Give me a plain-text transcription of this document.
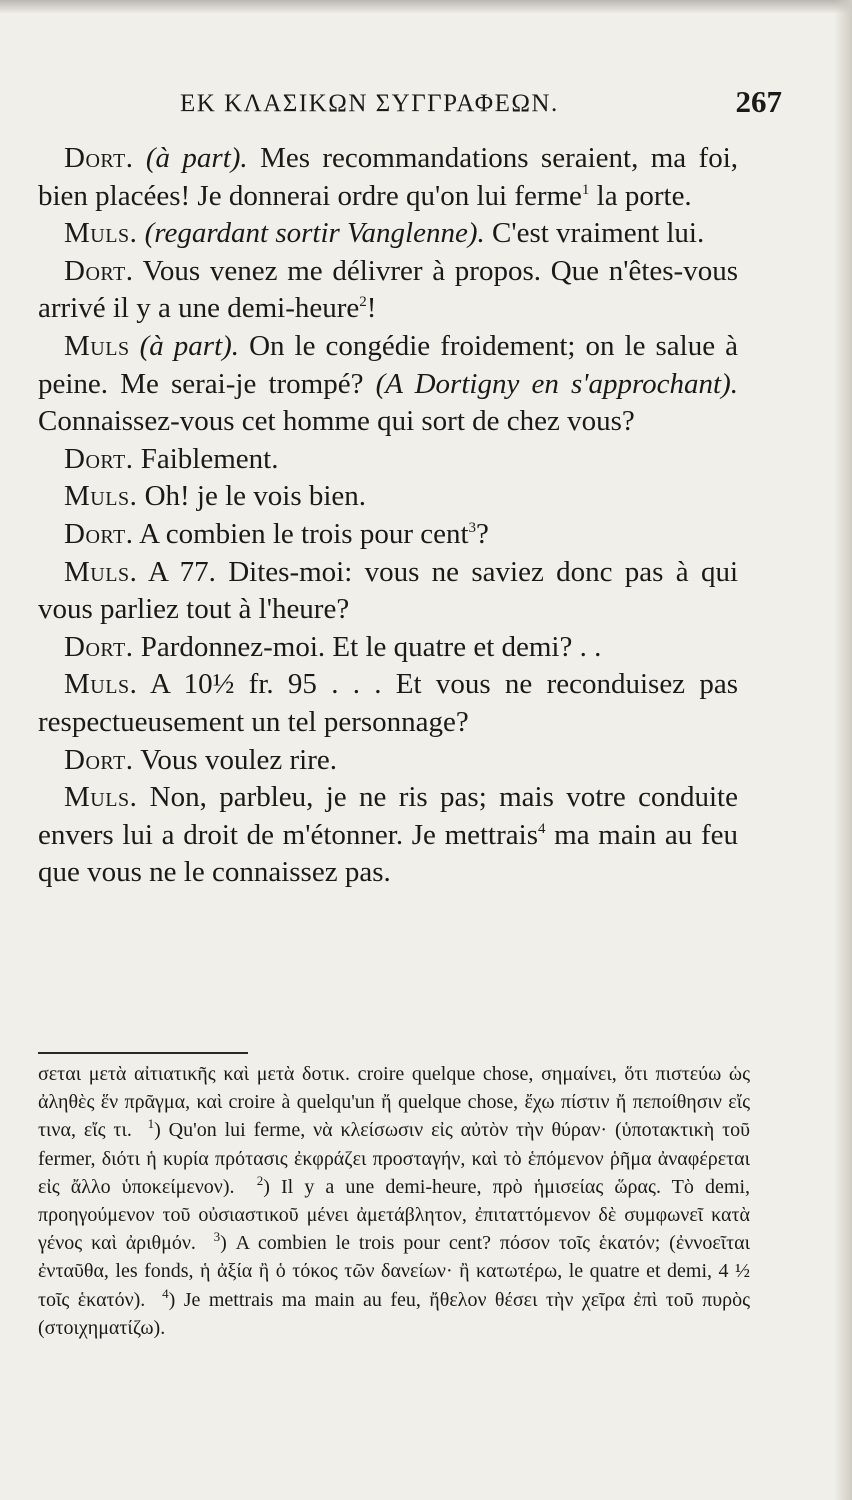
ΕΚ ΚΛΑΣΙΚΩΝ ΣΥΓΓΡΑΦΕΩΝ.	267

Dort. (à part). Mes recommandations seraient, ma foi, bien placées! Je donnerai ordre qu'on lui ferme$^1$ la porte.

Muls. (regardant sortir Vanglenne). C'est vraiment lui.

Dort. Vous venez me délivrer à propos. Que n'êtes-vous arrivé il y a une demi-heure$^2$!

Muls (à part). On le congédie froidement; on le salue à peine. Me serai-je trompé? (A Dortigny en s'approchant). Connaissez-vous cet homme qui sort de chez vous?

Dort. Faiblement.

Muls. Oh! je le vois bien.

Dort. A combien le trois pour cent$^3$?

Muls. A 77. Dites-moi: vous ne saviez donc pas à qui vous parliez tout à l'heure?

Dort. Pardonnez-moi. Et le quatre et demi? . .

Muls. A 10½ fr. 95 . . . Et vous ne reconduisez pas respectueusement un tel personnage?

Dort. Vous voulez rire.

Muls. Non, parbleu, je ne ris pas; mais votre conduite envers lui a droit de m'étonner. Je mettrais$^4$ ma main au feu que vous ne le connaissez pas.

σεται μετὰ αἰτιατικῆς καὶ μετὰ δοτικ. croire quelque chose, σημαίνει, ὅτι πιστεύω ὡς ἀληθὲς ἕν πρᾶγμα, καὶ croire à quelqu'un ἤ quelque chose, ἔχω πίστιν ἤ πεποίθησιν εἴς τινα, εἴς τι. $^1$) Qu'on lui ferme, νὰ κλείσωσιν εἰς αὐτὸν τὴν θύραν· (ὑποτακτικὴ τοῦ fermer, διότι ἡ κυρία πρότασις ἐκφράζει προσταγήν, καὶ τὸ ἑπόμενον ῥῆμα ἀναφέρεται εἰς ἄλλο ὑποκείμενον). $^2$) Il y a une demi-heure, πρὸ ἡμισείας ὥρας. Τὸ demi, προηγούμενον τοῦ οὐσιαστικοῦ μένει ἀμετάβλητον, ἐπιταττόμενον δὲ συμφωνεῖ κατὰ γένος καὶ ἀριθμόν. $^3$) A combien le trois pour cent? πόσον τοῖς ἑκατόν; (ἐννοεῖται ἐνταῦθα, les fonds, ἡ ἀξία ἢ ὁ τόκος τῶν δανείων· ἢ κατωτέρω, le quatre et demi, 4 ½ τοῖς ἑκατόν). $^4$) Je mettrais ma main au feu, ἤθελον θέσει τὴν χεῖρα ἐπὶ τοῦ πυρὸς (στοιχηματίζω).
